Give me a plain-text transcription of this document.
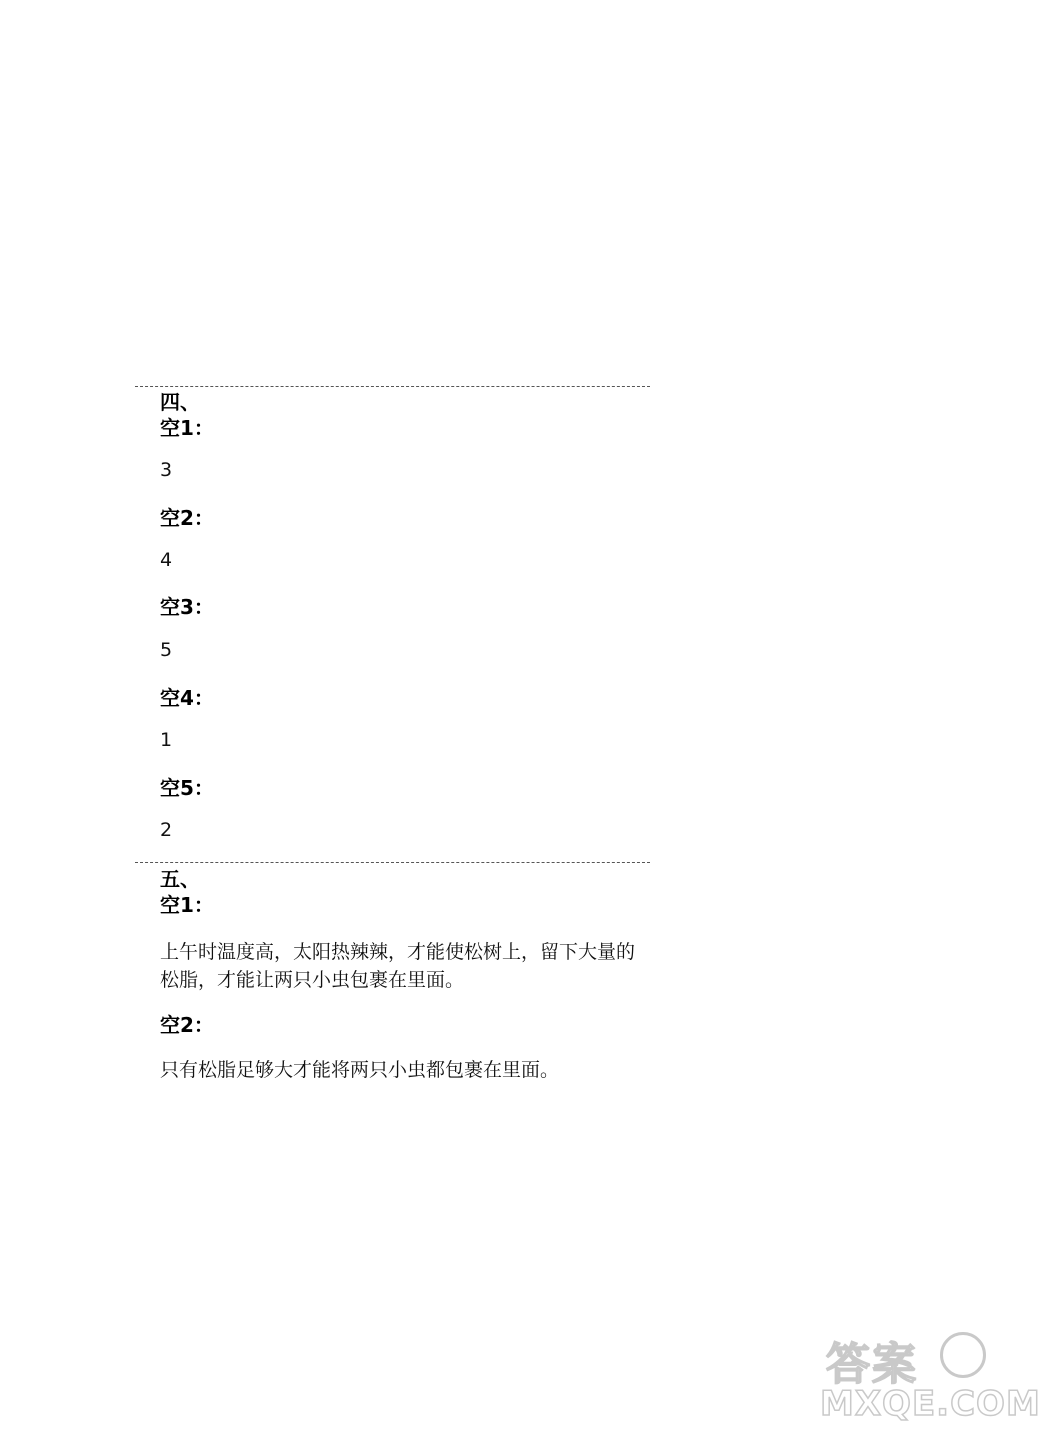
四、
空1：
3
空2：
4
空3：
5
空4：
1
空5：
2
五、
空1：
上午时温度高，太阳热辣辣，才能使松树上，留下大量的松脂，才能让两只小虫包裹在里面。
空2：
只有松脂足够大才能将两只小虫都包裹在里面。
答案
MXQE.COM
